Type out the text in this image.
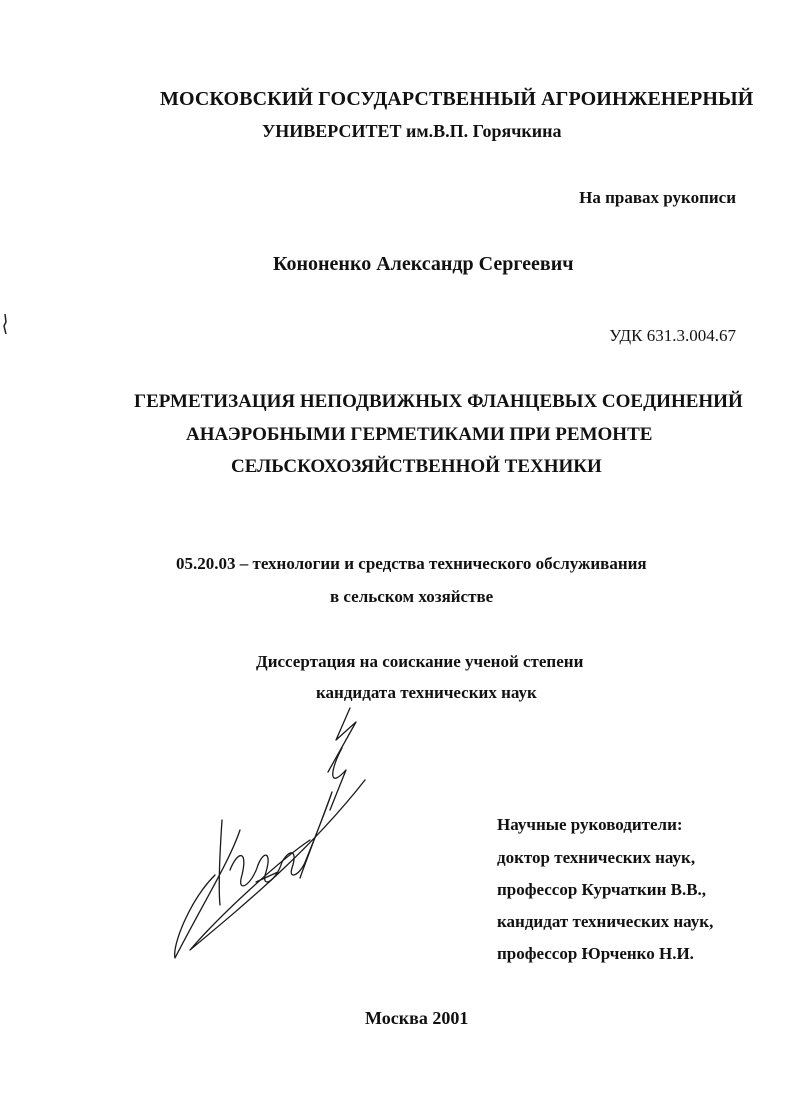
МОСКОВСКИЙ ГОСУДАРСТВЕННЫЙ АГРОИНЖЕНЕРНЫЙ
УНИВЕРСИТЕТ им.В.П. Горячкина
На правах рукописи
Кононенко Александр Сергеевич
УДК 631.3.004.67
ГЕРМЕТИЗАЦИЯ НЕПОДВИЖНЫХ ФЛАНЦЕВЫХ СОЕДИНЕНИЙ
АНАЭРОБНЫМИ ГЕРМЕТИКАМИ ПРИ РЕМОНТЕ
СЕЛЬСКОХОЗЯЙСТВЕННОЙ ТЕХНИКИ
05.20.03 – технологии и средства технического обслуживания
в сельском хозяйстве
Диссертация на соискание ученой степени
кандидата технических наук
Научные руководители:
доктор технических наук,
профессор Курчаткин В.В.,
кандидат технических наук,
профессор Юрченко Н.И.
Москва 2001
